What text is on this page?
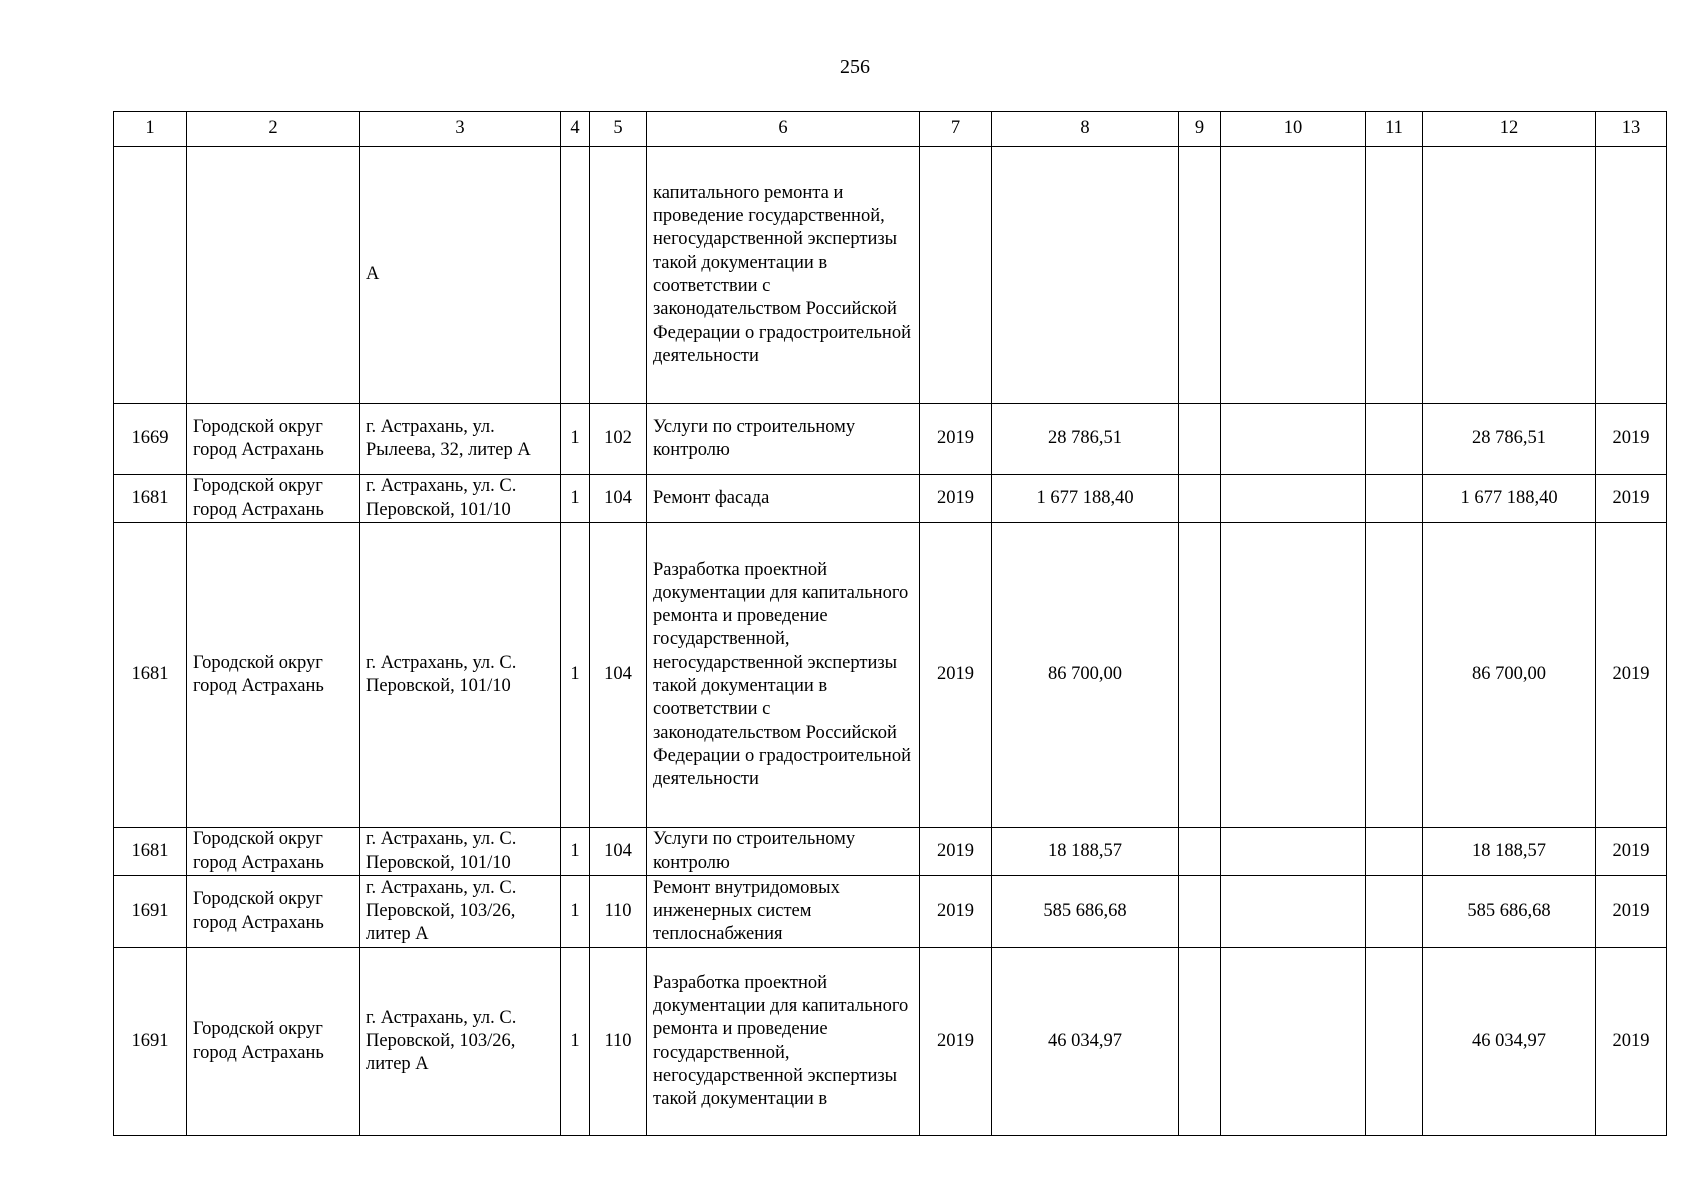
256
1	2	3	4	5	6	7	8	9	10	11	12	13
		А			капитального ремонта и проведение государственной, негосударственной экспертизы такой документации в соответствии с законодательством Российской Федерации о градостроительной деятельности							
1669	Городской округ город Астрахань	г. Астрахань, ул. Рылеева, 32, литер А	1	102	Услуги по строительному контролю	2019	28 786,51				28 786,51	2019
1681	Городской округ город Астрахань	г. Астрахань, ул. С. Перовской, 101/10	1	104	Ремонт фасада	2019	1 677 188,40				1 677 188,40	2019
1681	Городской округ город Астрахань	г. Астрахань, ул. С. Перовской, 101/10	1	104	Разработка проектной документации для капитального ремонта и проведение государственной, негосударственной экспертизы такой документации в соответствии с законодательством Российской Федерации о градостроительной деятельности	2019	86 700,00				86 700,00	2019
1681	Городской округ город Астрахань	г. Астрахань, ул. С. Перовской, 101/10	1	104	Услуги по строительному контролю	2019	18 188,57				18 188,57	2019
1691	Городской округ город Астрахань	г. Астрахань, ул. С. Перовской, 103/26, литер А	1	110	Ремонт внутридомовых инженерных систем теплоснабжения	2019	585 686,68				585 686,68	2019
1691	Городской округ город Астрахань	г. Астрахань, ул. С. Перовской, 103/26, литер А	1	110	Разработка проектной документации для капитального ремонта и проведение государственной, негосударственной экспертизы такой документации в	2019	46 034,97				46 034,97	2019
